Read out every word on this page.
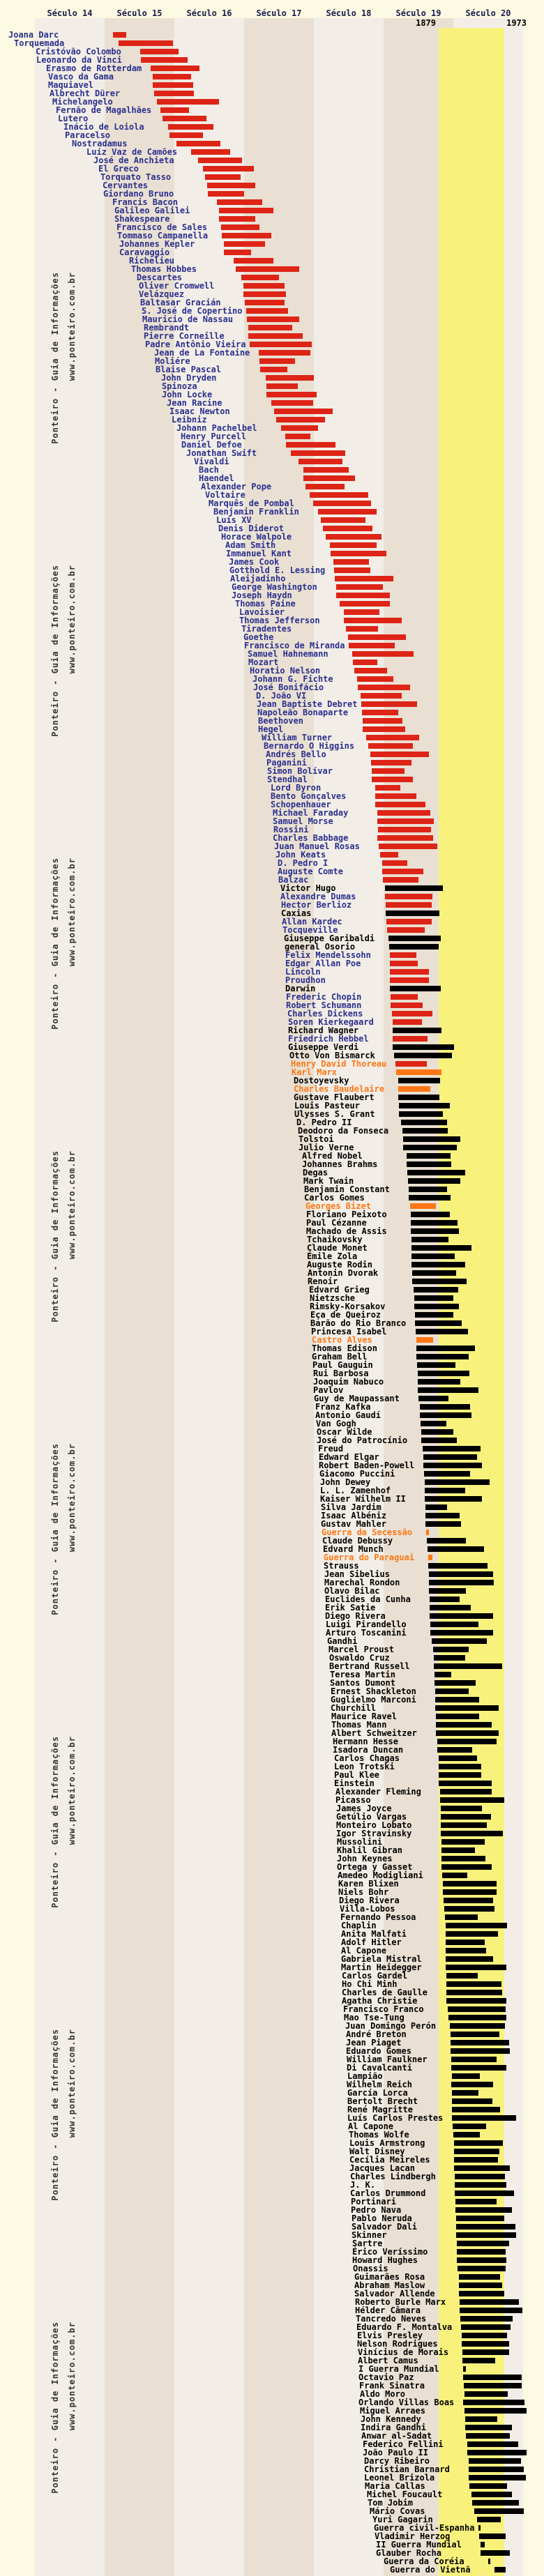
Século 14	Século 15	Século 16	Século 17	Século 18	Século 19	Século 20
1879	1973
Joana Darc
Torquemada
Cristóvão Colombo
Leonardo da Vinci
Erasmo de Rotterdam
Vasco da Gama
Maquiavel
Albrecht Dürer
Michelangelo
Fernão de Magalhães
Lutero
Inácio de Loiola
Paracelso
Nostradamus
Luíz Vaz de Camões
José de Anchieta
El Greco
Torquato Tasso
Cervantes
Giordano Bruno
Francis Bacon
Galileo Galilei
Shakespeare
Francisco de Sales
Tommaso Campanella
Johannes Kepler
Caravaggio
Richelieu
Thomas Hobbes
Descartes
Oliver Cromwell
Velázquez
Baltasar Gracián
S. José de Copertino
Mauricio de Nassau
Rembrandt
Pierre Corneille
Padre Antônio Vieira
Jean de La Fontaine
Moliére
Blaise Pascal
John Dryden
Spinoza
John Locke
Jean Racine
Isaac Newton
Leibniz
Johann Pachelbel
Henry Purcell
Daniel Defoe
Jonathan Swift
Vivaldi
Bach
Haendel
Alexander Pope
Voltaire
Marquês de Pombal
Benjamin Franklin
Luís XV
Denis Diderot
Horace Walpole
Adam Smith
Immanuel Kant
James Cook
Gotthold E. Lessing
Aleijadinho
George Washington
Joseph Haydn
Thomas Paine
Lavoisier
Thomas Jefferson
Tiradentes
Goethe
Francisco de Miranda
Samuel Hahnemann
Mozart
Horatio Nelson
Johann G. Fichte
José Bonifácio
D. João VI
Jean Baptiste Debret
Napoleão Bonaparte
Beethoven
Hegel
William Turner
Bernardo O Higgins
Andrés Bello
Paganini
Simon Bolívar
Stendhal
Lord Byron
Bento Gonçalves
Schopenhauer
Michael Faraday
Samuel Morse
Rossini
Charles Babbage
Juan Manuel Rosas
John Keats
D. Pedro I
Auguste Comte
Balzac
Victor Hugo
Alexandre Dumas
Hector Berlioz
Caxias
Allan Kardec
Tocqueville
Giuseppe Garibaldi
general Osorio
Felix Mendelssohn
Edgar Allan Poe
Lincoln
Proudhon
Darwin
Frederic Chopin
Robert Schumann
Charles Dickens
Soren Kierkegaard
Richard Wagner
Friedrich Hebbel
Giuseppe Verdi
Otto Von Bismarck
Henry David Thoreau
Karl Marx
Dostoyevsky
Charles Baudelaire
Gustave Flaubert
Louis Pasteur
Ulysses S. Grant
D. Pedro II
Deodoro da Fonseca
Tolstoi
Julio Verne
Alfred Nobel
Johannes Brahms
Degas
Mark Twain
Benjamin Constant
Carlos Gomes
Georges Bizet
Floriano Peixoto
Paul Cézanne
Machado de Assis
Tchaikovsky
Claude Monet
Émile Zola
Auguste Rodin
Antonin Dvorak
Renoir
Edvard Grieg
Nietzsche
Rimsky-Korsakov
Eça de Queiroz
Barão do Rio Branco
Princesa Isabel
Castro Alves
Thomas Edison
Graham Bell
Paul Gauguin
Rui Barbosa
Joaquim Nabuco
Pavlov
Guy de Maupassant
Franz Kafka
Antonio Gaudí
Van Gogh
Oscar Wilde
José do Patrocínio
Freud
Edward Elgar
Robert Baden-Powell
Giacomo Puccini
John Dewey
L. L. Zamenhof
Kaiser Wilhelm II
Silva Jardim
Isaac Albéniz
Gustav Mahler
Guerra da Secessão
Claude Debussy
Edvard Munch
Guerra do Paraguai
Strauss
Jean Sibelius
Marechal Rondon
Olavo Bilac
Euclides da Cunha
Erik Satie
Diego Rivera
Luigi Pirandello
Arturo Toscanini
Gandhi
Marcel Proust
Oswaldo Cruz
Bertrand Russell
Teresa Martin
Santos Dumont
Ernest Shackleton
Guglielmo Marconi
Churchill
Maurice Ravel
Thomas Mann
Albert Schweitzer
Hermann Hesse
Isadora Duncan
Carlos Chagas
Leon Trotski
Paul Klee
Einstein
Alexander Fleming
Picasso
James Joyce
Getúlio Vargas
Monteiro Lobato
Igor Stravinsky
Mussolini
Khalil Gibran
John Keynes
Ortega y Gasset
Amedeo Modigliani
Karen Blixen
Niels Bohr
Diego Rivera
Villa-Lobos
Fernando Pessoa
Chaplin
Anita Malfati
Adolf Hitler
Al Capone
Gabriela Mistral
Martin Heidegger
Carlos Gardel
Ho Chi Minh
Charles de Gaulle
Agatha Christie
Francisco Franco
Mao Tse-Tung
Juan Domingo Perón
André Breton
Jean Piaget
Eduardo Gomes
William Faulkner
Di Cavalcanti
Lampião
Wilhelm Reich
García Lorca
Bertolt Brecht
René Magritte
Luís Carlos Prestes
Al Capone
Thomas Wolfe
Louis Armstrong
Walt Disney
Cecília Meireles
Jacques Lacan
Charles Lindbergh
J. K.
Carlos Drummond
Portinari
Pedro Nava
Pablo Neruda
Salvador Dali
Skinner
Sartre
Érico Veríssimo
Howard Hughes
Onassis
Guimarães Rosa
Abraham Maslow
Salvador Allende
Roberto Burle Marx
Hélder Câmara
Tancredo Neves
Eduardo F. Montalva
Elvis Presley
Nelson Rodrigues
Vinícius de Morais
Albert Camus
I Guerra Mundial
Octavio Paz
Frank Sinatra
Aldo Moro
Orlando Villas Boas
Miguel Arraes
John Kennedy
Indira Gandhi
Anwar al-Sadat
Federico Fellini
João Paulo II
Darcy Ribeiro
Christian Barnard
Leonel Brizola
Maria Callas
Michel Foucault
Tom Jobim
Mário Covas
Yuri Gagarin
Guerra civil-Espanha
Vladimir Herzog
II Guerra Mundial
Glauber Rocha
Guerra da Coréia
Guerra do Vietnã
Ponteiro - Guia de Informações www.ponteiro.com.br
Ponteiro - Guia de Informações www.ponteiro.com.br
Ponteiro - Guia de Informações www.ponteiro.com.br
Ponteiro - Guia de Informações www.ponteiro.com.br
Ponteiro - Guia de Informações www.ponteiro.com.br
Ponteiro - Guia de Informações www.ponteiro.com.br
Ponteiro - Guia de Informações www.ponteiro.com.br
Ponteiro - Guia de Informações www.ponteiro.com.br
